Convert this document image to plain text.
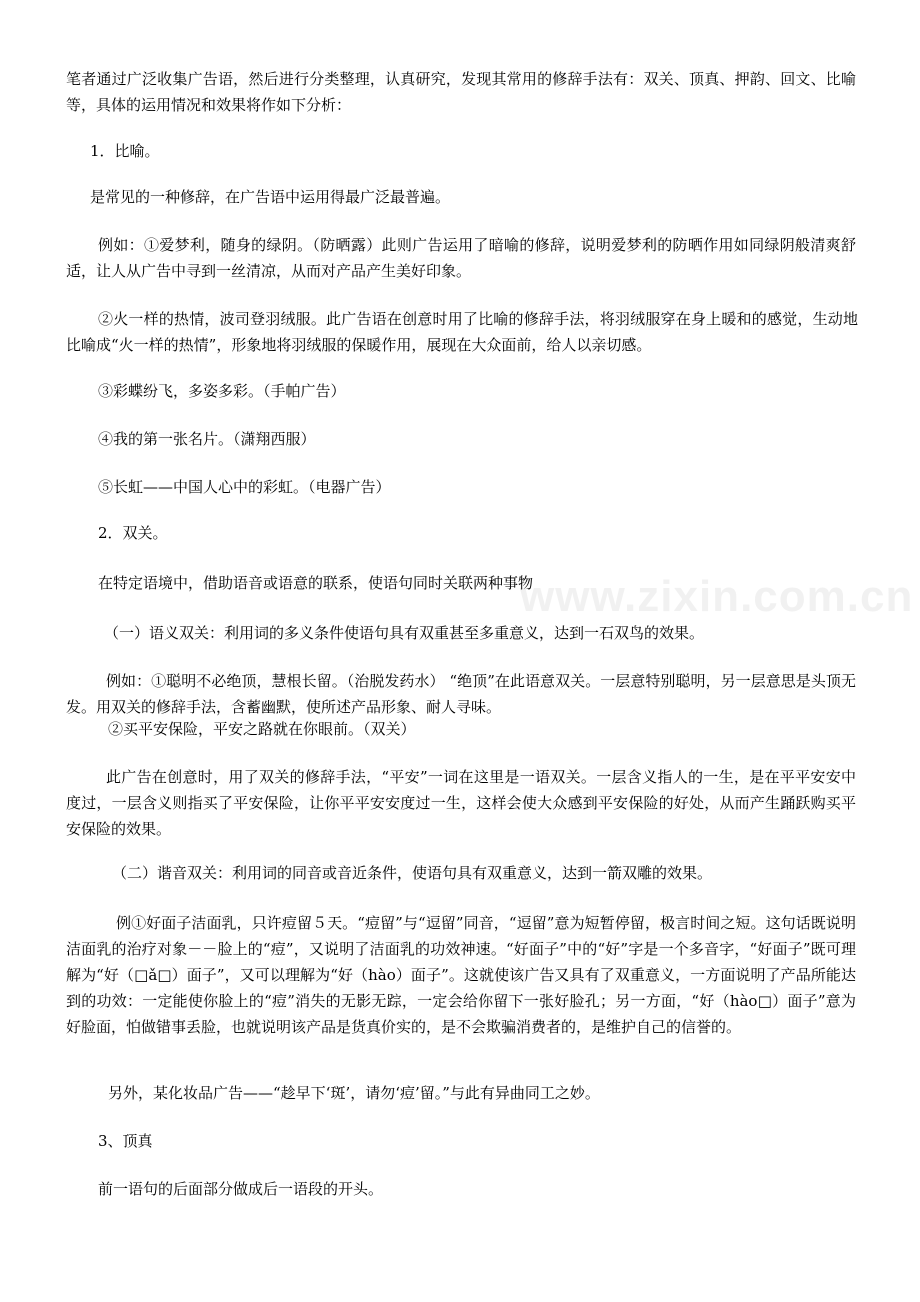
www.zixin.com.cn

笔者通过广泛收集广告语，然后进行分类整理，认真研究，发现其常用的修辞手法有：双关、顶真、押韵、回文、比喻等，具体的运用情况和效果将作如下分析：

1．比喻。

是常见的一种修辞，在广告语中运用得最广泛最普遍。

例如：①爱梦利，随身的绿阴。（防晒露）此则广告运用了暗喻的修辞，说明爱梦利的防晒作用如同绿阴般清爽舒适，让人从广告中寻到一丝清凉，从而对产品产生美好印象。

②火一样的热情，波司登羽绒服。此广告语在创意时用了比喻的修辞手法，将羽绒服穿在身上暖和的感觉，生动地比喻成“火一样的热情”，形象地将羽绒服的保暖作用，展现在大众面前，给人以亲切感。

③彩蝶纷飞，多姿多彩。（手帕广告）

④我的第一张名片。（潇翔西服）

⑤长虹——中国人心中的彩虹。（电器广告）

2．双关。

在特定语境中，借助语音或语意的联系，使语句同时关联两种事物

（一）语义双关：利用词的多义条件使语句具有双重甚至多重意义，达到一石双鸟的效果。

例如：①聪明不必绝顶，慧根长留。（治脱发药水） “绝顶”在此语意双关。一层意特别聪明，另一层意思是头顶无发。用双关的修辞手法，含蓄幽默，使所述产品形象、耐人寻味。

②买平安保险，平安之路就在你眼前。（双关）

此广告在创意时，用了双关的修辞手法，“平安”一词在这里是一语双关。一层含义指人的一生，是在平平安安中度过，一层含义则指买了平安保险，让你平平安安度过一生，这样会使大众感到平安保险的好处，从而产生踊跃购买平安保险的效果。

（二）谐音双关：利用词的同音或音近条件，使语句具有双重意义，达到一箭双雕的效果。

例①好面子洁面乳，只许痘留５天。“痘留”与“逗留”同音，“逗留”意为短暂停留，极言时间之短。这句话既说明洁面乳的治疗对象－－脸上的“痘”，又说明了洁面乳的功效神速。“好面子”中的“好”字是一个多音字，“好面子”既可理解为“好（□ǎ□）面子”，又可以理解为“好（hào）面子”。这就使该广告又具有了双重意义，一方面说明了产品所能达到的功效：一定能使你脸上的“痘”消失的无影无踪，一定会给你留下一张好脸孔；另一方面，“好（hào□）面子”意为好脸面，怕做错事丢脸，也就说明该产品是货真价实的，是不会欺骗消费者的，是维护自己的信誉的。

另外，某化妆品广告——“趁早下‘斑’，请勿‘痘’留。”与此有异曲同工之妙。

3、顶真

前一语句的后面部分做成后一语段的开头。
